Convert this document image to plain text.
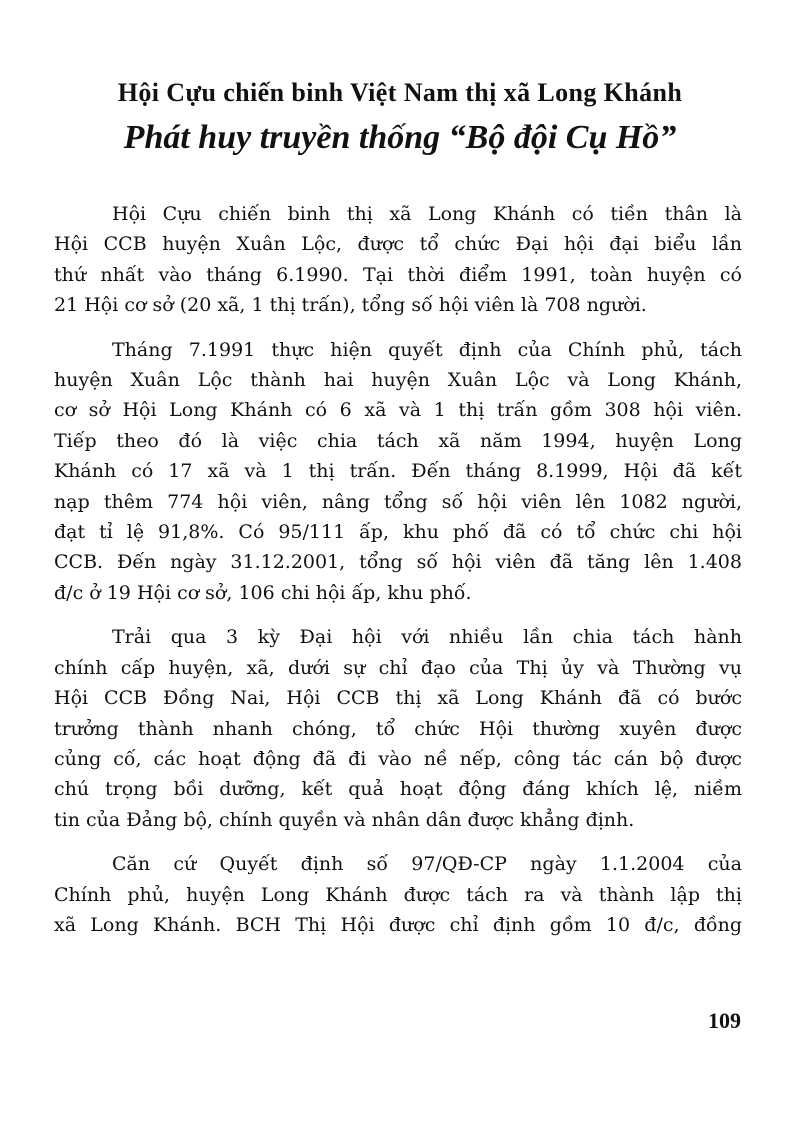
Hội Cựu chiến binh Việt Nam thị xã Long Khánh
Phát huy truyền thống “Bộ đội Cụ Hồ”

Hội Cựu chiến binh thị xã Long Khánh có tiền thân là
Hội CCB huyện Xuân Lộc, được tổ chức Đại hội đại biểu lần
thứ nhất vào tháng 6.1990. Tại thời điểm 1991, toàn huyện có
21 Hội cơ sở (20 xã, 1 thị trấn), tổng số hội viên là 708 người.

Tháng 7.1991 thực hiện quyết định của Chính phủ, tách
huyện Xuân Lộc thành hai huyện Xuân Lộc và Long Khánh,
cơ sở Hội Long Khánh có 6 xã và 1 thị trấn gồm 308 hội viên.
Tiếp theo đó là việc chia tách xã năm 1994, huyện Long
Khánh có 17 xã và 1 thị trấn. Đến tháng 8.1999, Hội đã kết
nạp thêm 774 hội viên, nâng tổng số hội viên lên 1082 người,
đạt tỉ lệ 91,8%. Có 95/111 ấp, khu phố đã có tổ chức chi hội
CCB. Đến ngày 31.12.2001, tổng số hội viên đã tăng lên 1.408
đ/c ở 19 Hội cơ sở, 106 chi hội ấp, khu phố.

Trải qua 3 kỳ Đại hội với nhiều lần chia tách hành
chính cấp huyện, xã, dưới sự chỉ đạo của Thị ủy và Thường vụ
Hội CCB Đồng Nai, Hội CCB thị xã Long Khánh đã có bước
trưởng thành nhanh chóng, tổ chức Hội thường xuyên được
củng cố, các hoạt động đã đi vào nề nếp, công tác cán bộ được
chú trọng bồi dưỡng, kết quả hoạt động đáng khích lệ, niềm
tin của Đảng bộ, chính quyền và nhân dân được khẳng định.

Căn cứ Quyết định số 97/QĐ-CP ngày 1.1.2004 của
Chính phủ, huyện Long Khánh được tách ra và thành lập thị
xã Long Khánh. BCH Thị Hội được chỉ định gồm 10 đ/c, đồng

109
